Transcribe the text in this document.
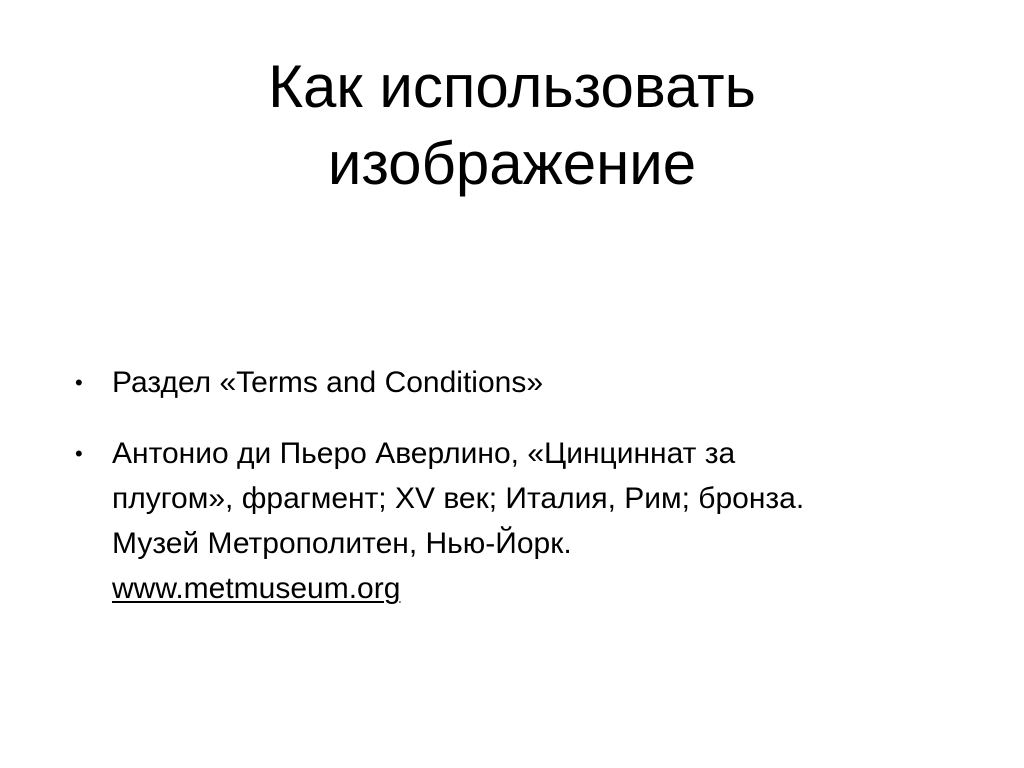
Как использовать
изображение
• Раздел «Terms and Conditions»
• Антонио ди Пьеро Аверлино, «Цинциннат за
плугом», фрагмент; XV век; Италия, Рим; бронза.
Музей Метрополитен, Нью-Йорк.
www.metmuseum.org
